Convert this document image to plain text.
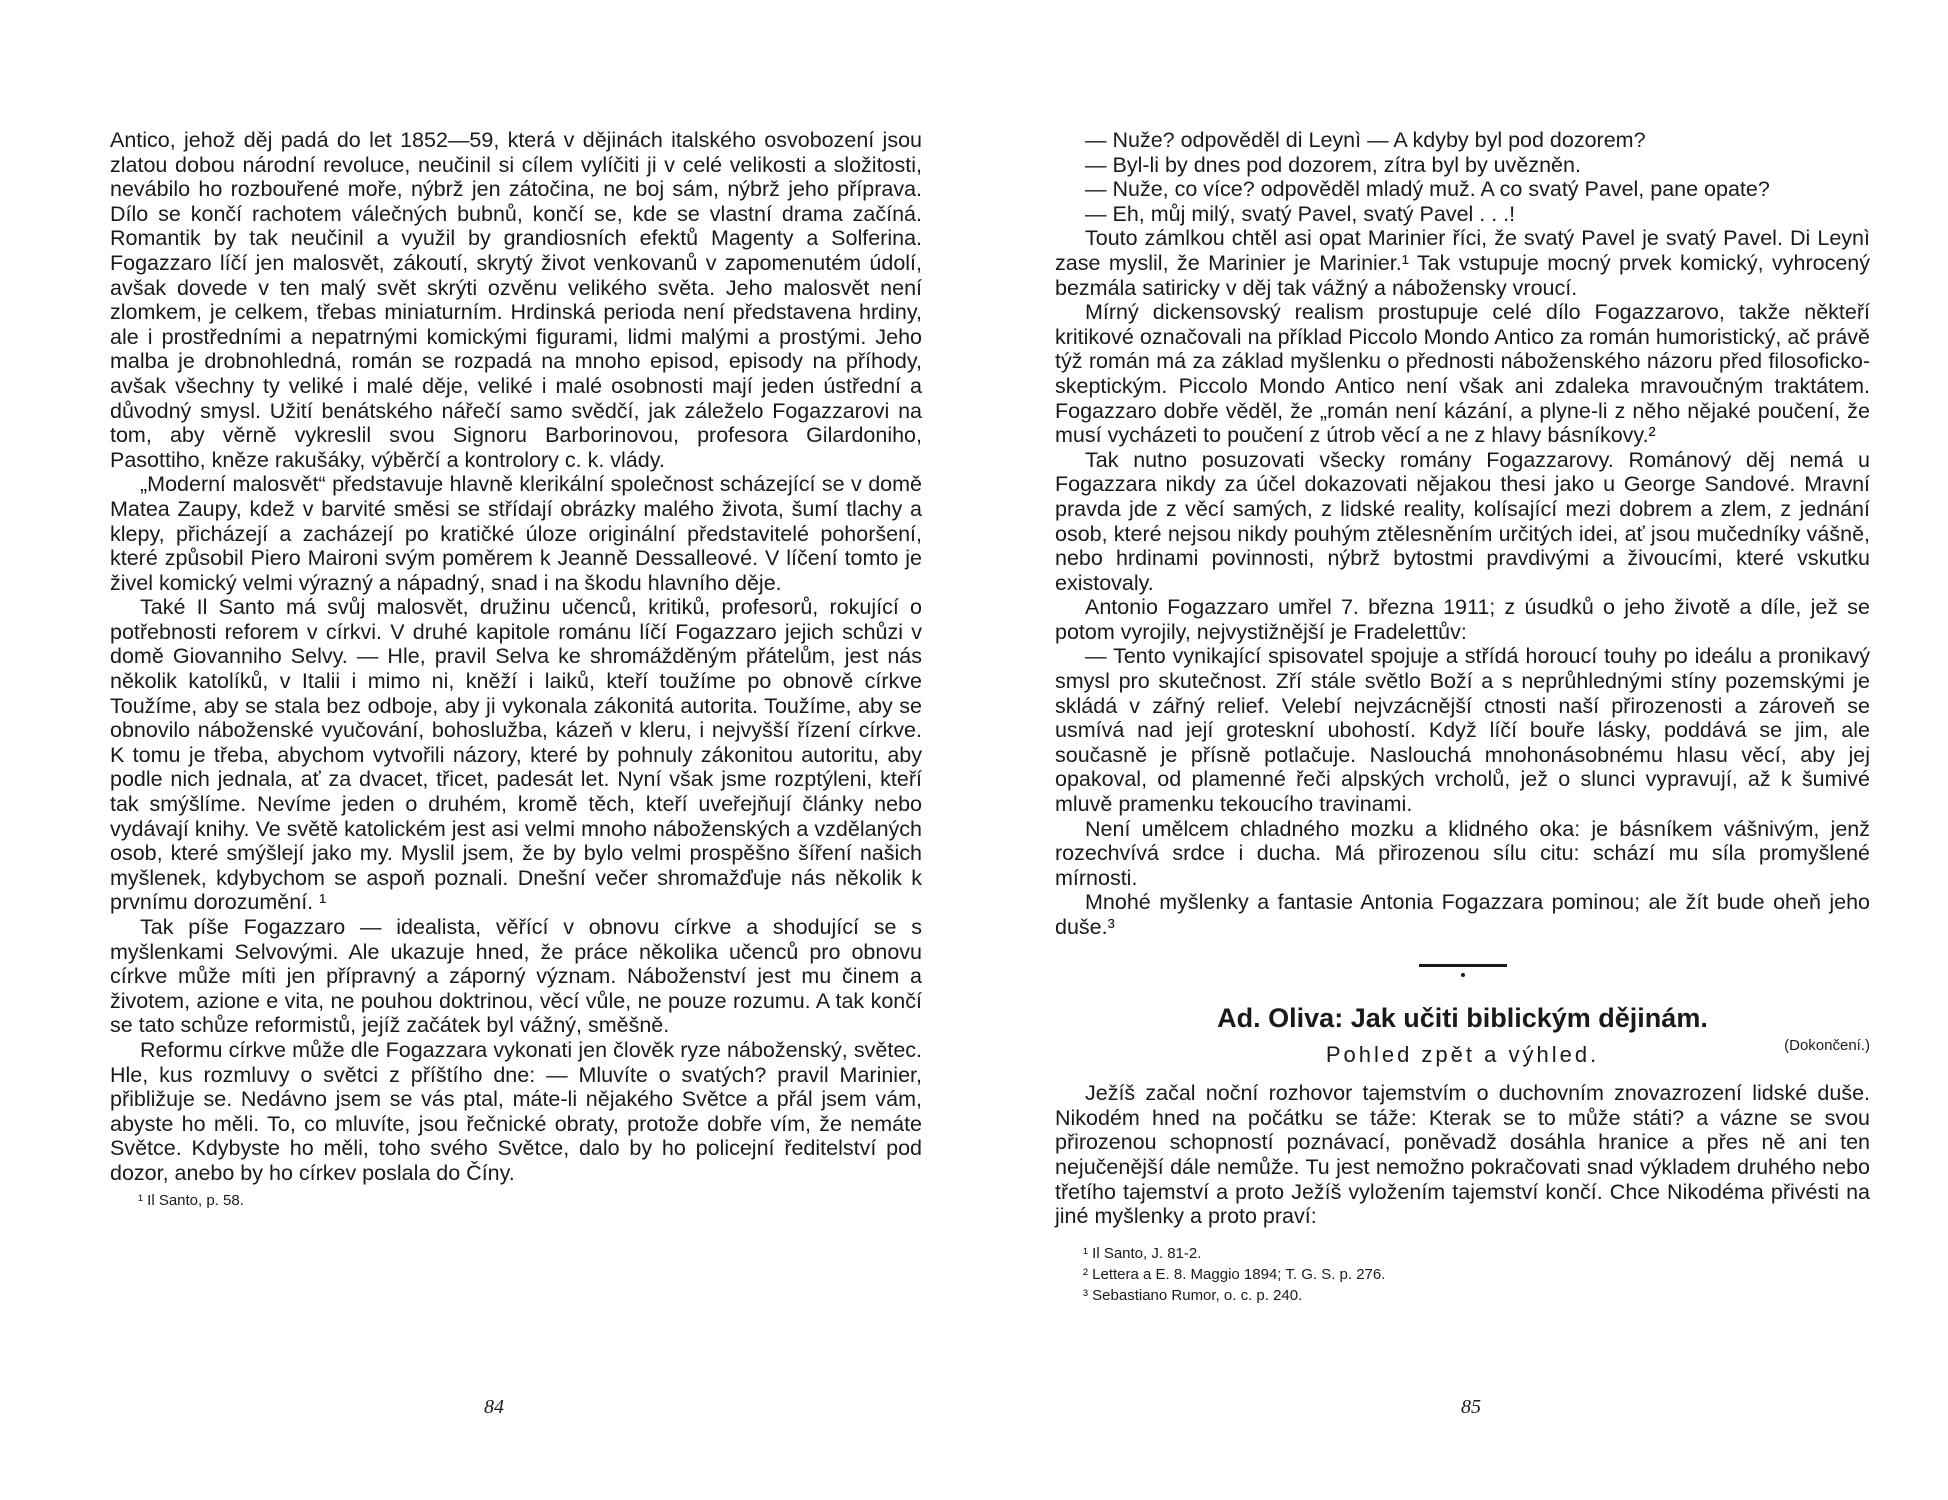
Antico, jehož děj padá do let 1852—59, která v dějinách italského osvobození jsou zlatou dobou národní revoluce, neučinil si cílem vylíčiti ji v celé velikosti a složitosti, nevábilo ho rozbouřené moře, nýbrž jen zátočina, ne boj sám, nýbrž jeho příprava. Dílo se končí rachotem válečných bubnů, končí se, kde se vlastní drama začíná. Romantik by tak neučinil a využil by grandiosních efektů Magenty a Solferina. Fogazzaro líčí jen malosvět, zákoutí, skrytý život venkovanů v zapomenutém údolí, avšak dovede v ten malý svět skrýti ozvěnu velikého světa. Jeho malosvět není zlomkem, je celkem, třebas miniaturním. Hrdinská perioda není představena hrdiny, ale i prostředními a nepatrnými komickými figurami, lidmi malými a prostými. Jeho malba je drobnohledná, román se rozpadá na mnoho episod, episody na příhody, avšak všechny ty veliké i malé děje, veliké i malé osobnosti mají jeden ústřední a důvodný smysl. Užití benátského nářečí samo svědčí, jak záleželo Fogazzarovi na tom, aby věrně vykreslil svou Signoru Barborinovou, profesora Gilardoniho, Pasottiho, kněze rakušáky, výběrčí a kontrolory c. k. vlády.

„Moderní malosvět“ představuje hlavně klerikální společnost scházející se v domě Matea Zaupy, kdež v barvité směsi se střídají obrázky malého života, šumí tlachy a klepy, přicházejí a zacházejí po kratičké úloze originální představitelé pohoršení, které způsobil Piero Maironi svým poměrem k Jeanně Dessalleové. V líčení tomto je živel komický velmi výrazný a nápadný, snad i na škodu hlavního děje.

Také Il Santo má svůj malosvět, družinu učenců, kritiků, profesorů, rokující o potřebnosti reforem v církvi. V druhé kapitole románu líčí Fogazzaro jejich schůzi v domě Giovanniho Selvy. — Hle, pravil Selva ke shromážděným přátelům, jest nás několik katolíků, v Italii i mimo ni, kněží i laiků, kteří toužíme po obnově církve Toužíme, aby se stala bez odboje, aby ji vykonala zákonitá autorita. Toužíme, aby se obnovilo náboženské vyučování, bohoslužba, kázeň v kleru, i nejvyšší řízení církve. K tomu je třeba, abychom vytvořili názory, které by pohnuly zákonitou autoritu, aby podle nich jednala, ať za dvacet, třicet, padesát let. Nyní však jsme rozptýleni, kteří tak smýšlíme. Nevíme jeden o druhém, kromě těch, kteří uveřejňují články nebo vydávají knihy. Ve světě katolickém jest asi velmi mnoho náboženských a vzdělaných osob, které smýšlejí jako my. Myslil jsem, že by bylo velmi prospěšno šíření našich myšlenek, kdybychom se aspoň poznali. Dnešní večer shromažďuje nás několik k prvnímu dorozumění. ¹

Tak píše Fogazzaro — idealista, věřící v obnovu církve a shodující se s myšlenkami Selvovými. Ale ukazuje hned, že práce několika učenců pro obnovu církve může míti jen přípravný a záporný význam. Náboženství jest mu činem a životem, azione e vita, ne pouhou doktrinou, věcí vůle, ne pouze rozumu. A tak končí se tato schůze reformistů, jejíž začátek byl vážný, směšně.

Reformu církve může dle Fogazzara vykonati jen člověk ryze náboženský, světec. Hle, kus rozmluvy o světci z příštího dne: — Mluvíte o svatých? pravil Marinier, přibližuje se. Nedávno jsem se vás ptal, máte-li nějakého Světce a přál jsem vám, abyste ho měli. To, co mluvíte, jsou řečnické obraty, protože dobře vím, že nemáte Světce. Kdybyste ho měli, toho svého Světce, dalo by ho policejní ředitelství pod dozor, anebo by ho církev poslala do Číny.

¹ Il Santo, p. 58.

84

— Nuže? odpověděl di Leynì — A kdyby byl pod dozorem?

— Byl-li by dnes pod dozorem, zítra byl by uvězněn.

— Nuže, co více? odpověděl mladý muž. A co svatý Pavel, pane opate?

— Eh, můj milý, svatý Pavel, svatý Pavel . . .!

Touto zámlkou chtěl asi opat Marinier říci, že svatý Pavel je svatý Pavel. Di Leynì zase myslil, že Marinier je Marinier.¹ Tak vstupuje mocný prvek komický, vyhrocený bezmála satiricky v děj tak vážný a nábožensky vroucí.

Mírný dickensovský realism prostupuje celé dílo Fogazzarovo, takže někteří kritikové označovali na příklad Piccolo Mondo Antico za román humoristický, ač právě týž román má za základ myšlenku o přednosti náboženského názoru před filosoficko-skeptickým. Piccolo Mondo Antico není však ani zdaleka mravoučným traktátem. Fogazzaro dobře věděl, že „román není kázání, a plyne-li z něho nějaké poučení, že musí vycházeti to poučení z útrob věcí a ne z hlavy básníkovy.²

Tak nutno posuzovati všecky romány Fogazzarovy. Románový děj nemá u Fogazzara nikdy za účel dokazovati nějakou thesi jako u George Sandové. Mravní pravda jde z věcí samých, z lidské reality, kolísající mezi dobrem a zlem, z jednání osob, které nejsou nikdy pouhým ztělesněním určitých idei, ať jsou mučedníky vášně, nebo hrdinami povinnosti, nýbrž bytostmi pravdivými a živoucími, které vskutku existovaly.

Antonio Fogazzaro umřel 7. března 1911; z úsudků o jeho životě a díle, jež se potom vyrojily, nejvystižnější je Fradelettův:

— Tento vynikající spisovatel spojuje a střídá horoucí touhy po ideálu a pronikavý smysl pro skutečnost. Zří stále světlo Boží a s neprůhlednými stíny pozemskými je skládá v zářný relief. Velebí nejvzácnější ctnosti naší přirozenosti a zároveň se usmívá nad její groteskní ubohostí. Když líčí bouře lásky, poddává se jim, ale současně je přísně potlačuje. Naslouchá mnohonásobnému hlasu věcí, aby jej opakoval, od plamenné řeči alpských vrcholů, jež o slunci vypravují, až k šumivé mluvě pramenku tekoucího travinami.

Není umělcem chladného mozku a klidného oka: je básníkem vášnivým, jenž rozechvívá srdce i ducha. Má přirozenou sílu citu: schází mu síla promyšlené mírnosti.

Mnohé myšlenky a fantasie Antonia Fogazzara pominou; ale žít bude oheň jeho duše.³

Ad. Oliva: Jak učiti biblickým dějinám.
(Dokončení.)

Pohled zpět a výhled.

Ježíš začal noční rozhovor tajemstvím o duchovním znovazrození lidské duše. Nikodém hned na počátku se táže: Kterak se to může státi? a vázne se svou přirozenou schopností poznávací, poněvadž dosáhla hranice a přes ně ani ten nejučenější dále nemůže. Tu jest nemožno pokračovati snad výkladem druhého nebo třetího tajemství a proto Ježíš vyložením tajemství končí. Chce Nikodéma přivésti na jiné myšlenky a proto praví:

¹ Il Santo, J. 81-2.

² Lettera a E. 8. Maggio 1894; T. G. S. p. 276.

³ Sebastiano Rumor, o. c. p. 240.

85
